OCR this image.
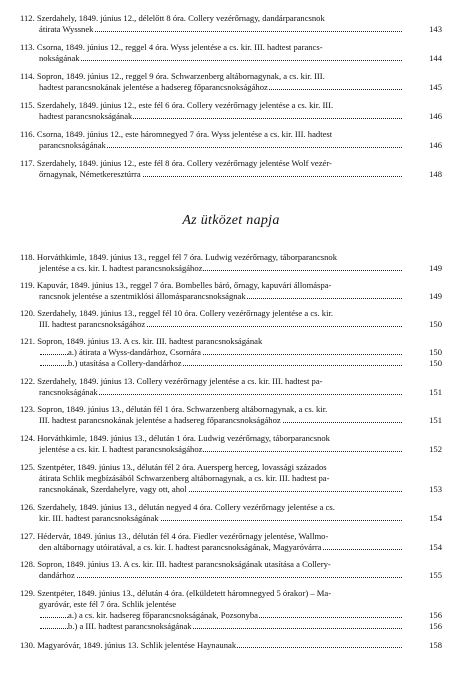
112. Szerdahely, 1849. június 12., délelőtt 8 óra. Collery vezérőrnagy, dandárparancsnok
átirata Wyssnek	143
113. Csorna, 1849. június 12., reggel 4 óra. Wyss jelentése a cs. kir. III. hadtest parancs-
nokságának	144
114. Sopron, 1849. június 12., reggel 9 óra. Schwarzenberg altábornagynak, a cs. kir. III.
hadtest parancsnokának jelentése a hadsereg főparancsnokságához	145
115. Szerdahely, 1849. június 12., este fél 6 óra. Collery vezérőrnagy jelentése a cs. kir. III.
hadtest parancsnokságának	146
116. Csorna, 1849. június 12., este háromnegyed 7 óra. Wyss jelentése a cs. kir. III. hadtest
parancsnokságának	146
117. Szerdahely, 1849. június 12., este fél 8 óra. Collery vezérőrnagy jelentése Wolf vezér-
őrnagynak, Németkeresztúrra	148
Az ütközet napja
118. Horváthkimle, 1849. június 13., reggel fél 7 óra. Ludwig vezérőrnagy, táborparancsnok
jelentése a cs. kir. I. hadtest parancsnokságához	149
119. Kapuvár, 1849. június 13., reggel 7 óra. Bombelles báró, őrnagy, kapuvári állomáspa-
rancsnok jelentése a szentmiklósi állomásparancsnokságnak	149
120. Szerdahely, 1849. június 13., reggel fél 10 óra. Collery vezérőrnagy jelentése a cs. kir.
III. hadtest parancsnokságához	150
121. Sopron, 1849. június 13. A cs. kir. III. hadtest parancsnokságának
a.) átirata a Wyss-dandárhoz, Csornára	150
b.) utasítása a Collery-dandárhoz	150
122. Szerdahely, 1849. június 13. Collery vezérőrnagy jelentése a cs. kir. III. hadtest pa-
rancsnokságának	151
123. Sopron, 1849. június 13., délután fél 1 óra. Schwarzenberg altábornagynak, a cs. kir.
III. hadtest parancsnokának jelentése a hadsereg főparancsnokságához	151
124. Horváthkimle, 1849. június 13., délután 1 óra. Ludwig vezérőrnagy, táborparancsnok
jelentése a cs. kir. I. hadtest parancsnokságához	152
125. Szentpéter, 1849. június 13., délután fél 2 óra. Auersperg herceg, lovassági százados
átirata Schlik megbízásából Schwarzenberg altábornagynak, a cs. kir. III. hadtest pa-
rancsnokának, Szerdahelyre, vagy ott, ahol	153
126. Szerdahely, 1849. június 13., délután negyed 4 óra. Collery vezérőrnagy jelentése a cs.
kir. III. hadtest parancsnokságának	154
127. Hédervár, 1849. június 13., délután fél 4 óra. Fiedler vezérőrnagy jelentése, Wallmo-
den altábornagy utóiratával, a cs. kir. I. hadtest parancsnokságának, Magyaróvárra	154
128. Sopron, 1849. június 13. A cs. kir. III. hadtest parancsnokságának utasítása a Collery-
dandárhoz	155
129. Szentpéter, 1849. június 13., délután 4 óra. (elküldetett háromnegyed 5 órakor) – Ma-
gyaróvár, este fél 7 óra. Schlik jelentése
a.) a cs. kir. hadsereg főparancsnokságának, Pozsonyba	156
b.) a III. hadtest parancsnokságának	156
130. Magyaróvár, 1849. június 13. Schlik jelentése Haynaunak	158
